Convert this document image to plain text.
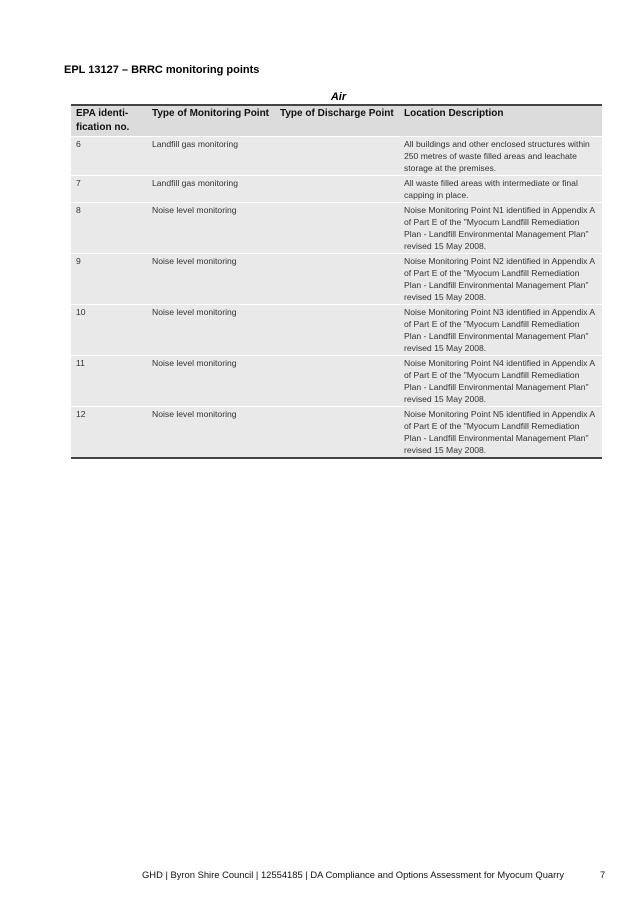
EPL 13127 – BRRC monitoring points
Air
EPA identi- fication no.	Type of Monitoring Point	Type of Discharge Point	Location Description
6	Landfill gas monitoring		All buildings and other enclosed structures within 250 metres of waste filled areas and leachate storage at the premises.
7	Landfill gas monitoring		All waste filled areas with intermediate or final capping in place.
8	Noise level monitoring		Noise Monitoring Point N1 identified in Appendix A of Part E of the "Myocum Landfill Remediation Plan - Landfill Environmental Management Plan" revised 15 May 2008.
9	Noise level monitoring		Noise Monitoring Point N2 identified in Appendix A of Part E of the "Myocum Landfill Remediation Plan - Landfill Environmental Management Plan" revised 15 May 2008.
10	Noise level monitoring		Noise Monitoring Point N3 identified in Appendix A of Part E of the "Myocum Landfill Remediation Plan - Landfill Environmental Management Plan" revised 15 May 2008.
11	Noise level monitoring		Noise Monitoring Point N4 identified in Appendix A of Part E of the "Myocum Landfill Remediation Plan - Landfill Environmental Management Plan" revised 15 May 2008.
12	Noise level monitoring		Noise Monitoring Point N5 identified in Appendix A of Part E of the "Myocum Landfill Remediation Plan - Landfill Environmental Management Plan" revised 15 May 2008.
GHD | Byron Shire Council | 12554185 | DA Compliance and Options Assessment for Myocum Quarry	7
